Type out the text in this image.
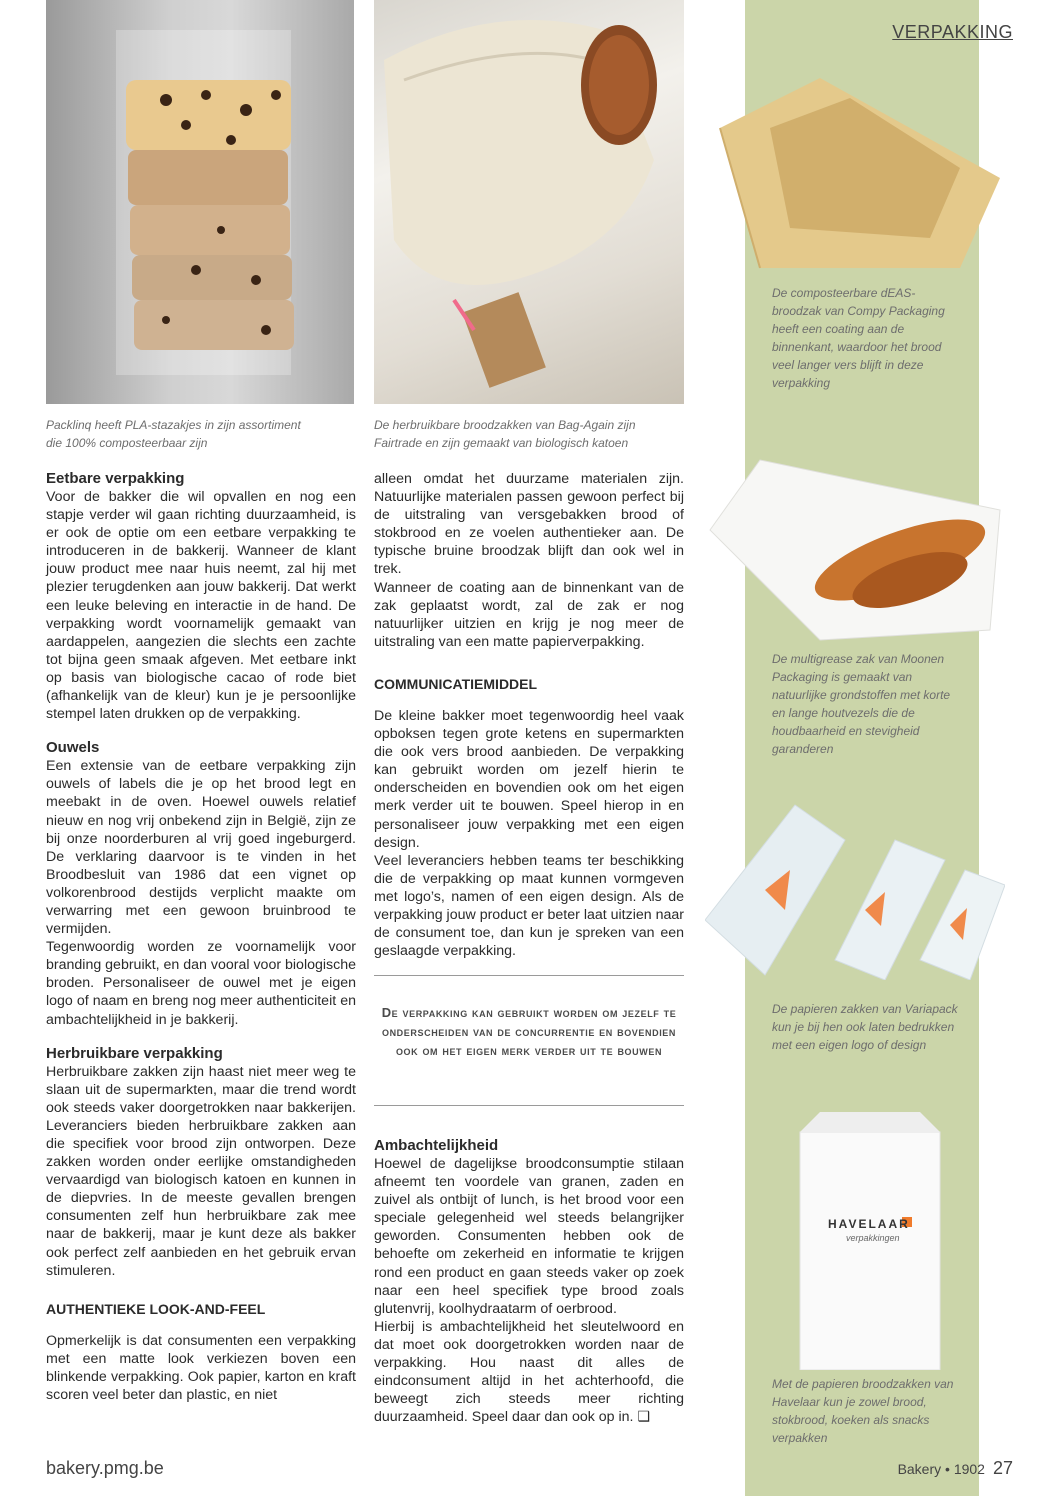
VERPAKKING
Packlinq heeft PLA-stazakjes in zijn assortiment die 100% composteerbaar zijn
De herbruikbare broodzakken van Bag-Again zijn Fairtrade en zijn gemaakt van biologisch katoen
De composteerbare dEAS-broodzak van Compy Packaging heeft een coating aan de binnenkant, waardoor het brood veel langer vers blijft in deze verpakking
De multigrease zak van Moonen Packaging is gemaakt van natuurlijke grondstoffen met korte en lange houtvezels die de houdbaarheid en stevigheid garanderen
De papieren zakken van Variapack kun je bij hen ook laten bedrukken met een eigen logo of design
HAVELAAR
verpakkingen
Met de papieren broodzakken van Havelaar kun je zowel brood, stokbrood, koeken als snacks verpakken
Eetbare verpakking

Voor de bakker die wil opvallen en nog een stapje verder wil gaan richting duurzaamheid, is er ook de optie om een eetbare verpakking te introduceren in de bakkerij. Wanneer de klant jouw product mee naar huis neemt, zal hij met plezier terugdenken aan jouw bakkerij. Dat werkt een leuke beleving en interactie in de hand. De verpakking wordt voornamelijk gemaakt van aardappelen, aangezien die slechts een zachte tot bijna geen smaak afgeven. Met eetbare inkt op basis van biologische cacao of rode biet (afhankelijk van de kleur) kun je je persoonlijke stempel laten drukken op de verpakking.

Ouwels

Een extensie van de eetbare verpakking zijn ouwels of labels die je op het brood legt en meebakt in de oven. Hoewel ouwels relatief nieuw en nog vrij onbekend zijn in België, zijn ze bij onze noorderburen al vrij goed ingeburgerd. De verklaring daarvoor is te vinden in het Broodbesluit van 1986 dat een vignet op volkorenbrood destijds verplicht maakte om verwarring met een gewoon bruinbrood te vermijden.

Tegenwoordig worden ze voornamelijk voor branding gebruikt, en dan vooral voor biologische broden. Personaliseer de ouwel met je eigen logo of naam en breng nog meer authenticiteit en ambachtelijkheid in je bakkerij.

Herbruikbare verpakking

Herbruikbare zakken zijn haast niet meer weg te slaan uit de supermarkten, maar die trend wordt ook steeds vaker doorgetrokken naar bakkerijen. Leveranciers bieden herbruikbare zakken aan die specifiek voor brood zijn ontworpen. Deze zakken worden onder eerlijke omstandigheden vervaardigd van biologisch katoen en kunnen in de diepvries. In de meeste gevallen brengen consumenten zelf hun herbruikbare zak mee naar de bakkerij, maar je kunt deze als bakker ook perfect zelf aanbieden en het gebruik ervan stimuleren.

AUTHENTIEKE LOOK-AND-FEEL

Opmerkelijk is dat consumenten een verpakking met een matte look verkiezen boven een blinkende verpakking. Ook papier, karton en kraft scoren veel beter dan plastic, en niet

alleen omdat het duurzame materialen zijn. Natuurlijke materialen passen gewoon perfect bij de uitstraling van versgebakken brood of stokbrood en ze voelen authentieker aan. De typische bruine broodzak blijft dan ook wel in trek.

Wanneer de coating aan de binnenkant van de zak geplaatst wordt, zal de zak er nog natuurlijker uitzien en krijg je nog meer de uitstraling van een matte papierverpakking.

COMMUNICATIEMIDDEL

De kleine bakker moet tegenwoordig heel vaak opboksen tegen grote ketens en supermarkten die ook vers brood aanbieden. De verpakking kan gebruikt worden om jezelf hierin te onderscheiden en bovendien ook om het eigen merk verder uit te bouwen. Speel hierop in en personaliseer jouw verpakking met een eigen design.

Veel leveranciers hebben teams ter beschikking die de verpakking op maat kunnen vormgeven met logo’s, namen of een eigen design. Als de verpakking jouw product er beter laat uitzien naar de consument toe, dan kun je spreken van een geslaagde verpakking.

De verpakking kan gebruikt worden om jezelf te onderscheiden van de concurrentie en bovendien ook om het eigen merk verder uit te bouwen
Ambachtelijkheid

Hoewel de dagelijkse broodconsumptie stilaan afneemt ten voordele van granen, zaden en zuivel als ontbijt of lunch, is het brood voor een speciale gelegenheid wel steeds belangrijker geworden. Consumenten hebben ook de behoefte om zekerheid en informatie te krijgen rond een product en gaan steeds vaker op zoek naar een heel specifiek type brood zoals glutenvrij, koolhydraatarm of oerbrood.

Hierbij is ambachtelijkheid het sleutelwoord en dat moet ook doorgetrokken worden naar de verpakking. Hou naast dit alles de eindconsument altijd in het achterhoofd, die beweegt zich steeds meer richting duurzaamheid. Speel daar dan ook op in. ❑

bakery.pmg.be	Bakery • 1902 27
